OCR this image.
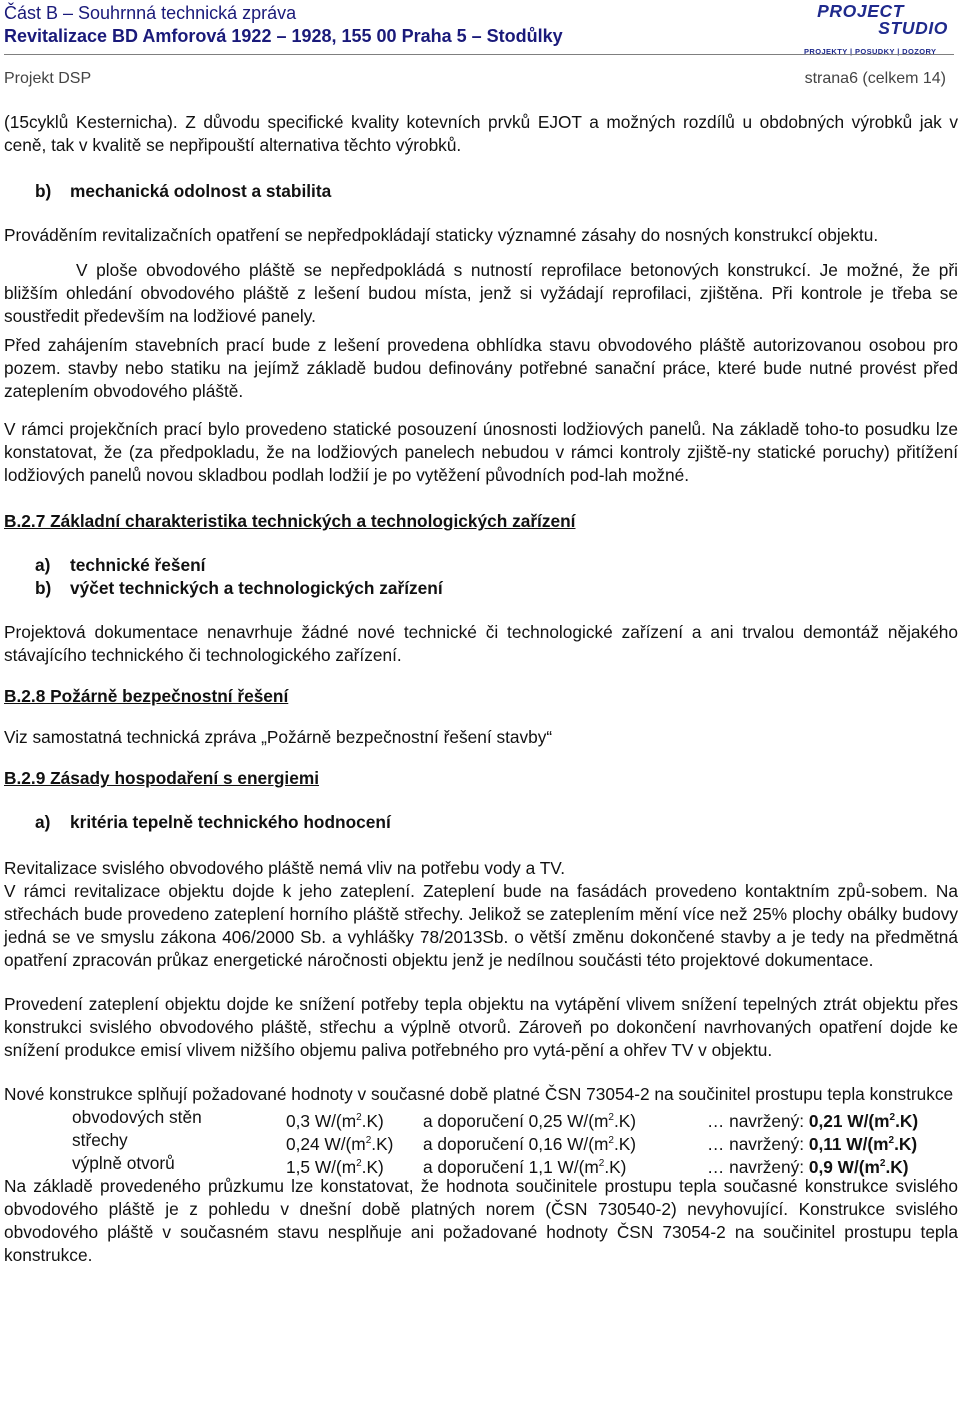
Část B – Souhrnná technická zpráva
Revitalizace BD Amforová 1922 – 1928, 155 00 Praha 5 – Stodůlky
PROJECT
STUDIO
PROJEKTY | POSUDKY | DOZORY
Projekt DSP	strana6 (celkem 14)

(15cyklů Kesternicha). Z důvodu specifické kvality kotevních prvků EJOT a možných rozdílů u obdobných výrobků jak v ceně, tak v kvalitě se nepřipouští alternativa těchto výrobků.

b) mechanická odolnost a stabilita

Prováděním revitalizačních opatření se nepředpokládají staticky významné zásahy do nosných konstrukcí objektu.

V ploše obvodového pláště se nepředpokládá s nutností reprofilace betonových konstrukcí. Je možné, že při bližším ohledání obvodového pláště z lešení budou místa, jenž si vyžádají reprofilaci, zjištěna. Při kontrole je třeba se soustředit především na lodžiové panely.

Před zahájením stavebních prací bude z lešení provedena obhlídka stavu obvodového pláště autorizovanou osobou pro pozem. stavby nebo statiku na jejímž základě budou definovány potřebné sanační práce, které bude nutné provést před zateplením obvodového pláště.

V rámci projekčních prací bylo provedeno statické posouzení únosnosti lodžiových panelů. Na základě toho-to posudku lze konstatovat, že (za předpokladu, že na lodžiových panelech nebudou v rámci kontroly zjiště-ny statické poruchy) přitížení lodžiových panelů novou skladbou podlah lodžií je po vytěžení původních pod-lah možné.

B.2.7 Základní charakteristika technických a technologických zařízení

a) technické řešení

b) výčet technických a technologických zařízení

Projektová dokumentace nenavrhuje žádné nové technické či technologické zařízení a ani trvalou demontáž nějakého stávajícího technického či technologického zařízení.

B.2.8 Požárně bezpečnostní řešení

Viz samostatná technická zpráva „Požárně bezpečnostní řešení stavby“

B.2.9 Zásady hospodaření s energiemi

a) kritéria tepelně technického hodnocení

Revitalizace svislého obvodového pláště nemá vliv na potřebu vody a TV.

V rámci revitalizace objektu dojde k jeho zateplení. Zateplení bude na fasádách provedeno kontaktním způ-sobem. Na střechách bude provedeno zateplení horního pláště střechy. Jelikož se zateplením mění více než 25% plochy obálky budovy jedná se ve smyslu zákona 406/2000 Sb. a vyhlášky 78/2013Sb. o větší změnu dokončené stavby a je tedy na předmětná opatření zpracován průkaz energetické náročnosti objektu jenž je nedílnou součásti této projektové dokumentace.

Provedení zateplení objektu dojde ke snížení potřeby tepla objektu na vytápění vlivem snížení tepelných ztrát objektu přes konstrukci svislého obvodového pláště, střechu a výplně otvorů. Zároveň po dokončení navrhovaných opatření dojde ke snížení produkce emisí vlivem nižšího objemu paliva potřebného pro vytá-pění a ohřev TV v objektu.

Nové konstrukce splňují požadované hodnoty v současné době platné ČSN 73054-2 na součinitel prostupu tepla konstrukce

obvodových stěn	0,3 $W/(m^2.K)$ a doporučení 0,25 $W/(m^2.K)$	… navržený: 0,21 $W/(m^2.K)$
střechy	0,24 $W/(m^2.K)$ a doporučení 0,16 $W/(m^2.K)$	… navržený: 0,11 $W/(m^2.K)$
výplně otvorů	1,5 $W/(m^2.K)$ a doporučení 1,1 $W/(m^2.K)$	… navržený: 0,9 $W/(m^2.K)$

Na základě provedeného průzkumu lze konstatovat, že hodnota součinitele prostupu tepla současné konstrukce svislého obvodového pláště je z pohledu v dnešní době platných norem (ČSN 730540-2) nevyhovující. Konstrukce svislého obvodového pláště v současném stavu nesplňuje ani požadované hodnoty ČSN 73054-2 na součinitel prostupu tepla konstrukce.
